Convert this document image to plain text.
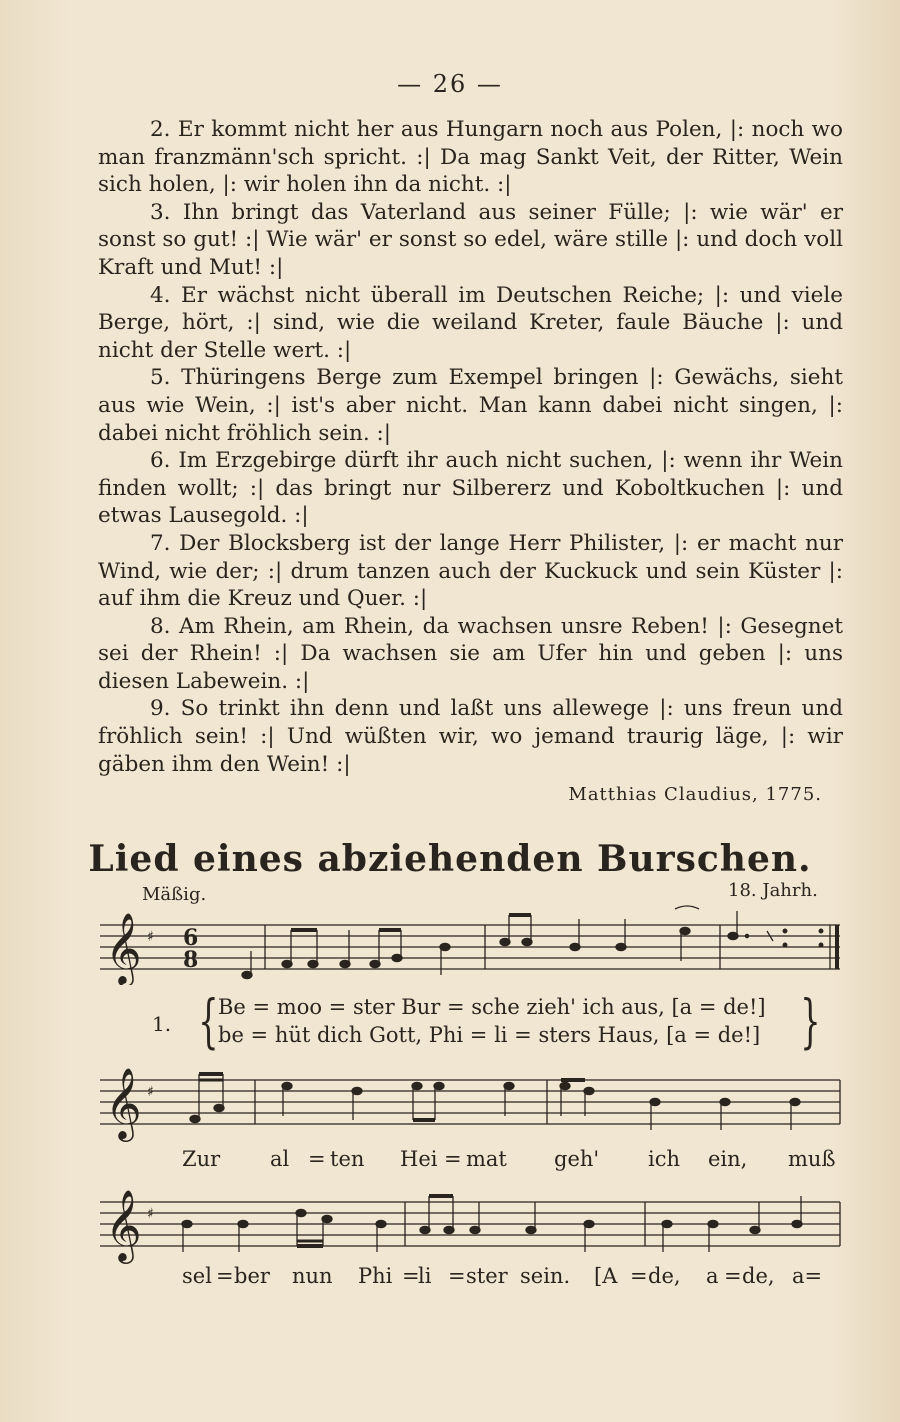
— 26 —

2. Er kommt nicht her aus Hungarn noch aus Polen, |: noch wo man franzmänn'sch spricht. :| Da mag Sankt Veit, der Ritter, Wein sich holen, |: wir holen ihn da nicht. :|

3. Ihn bringt das Vaterland aus seiner Fülle; |: wie wär' er sonst so gut! :| Wie wär' er sonst so edel, wäre stille |: und doch voll Kraft und Mut! :|

4. Er wächst nicht überall im Deutschen Reiche; |: und viele Berge, hört, :| sind, wie die weiland Kreter, faule Bäuche |: und nicht der Stelle wert. :|

5. Thüringens Berge zum Exempel bringen |: Gewächs, sieht aus wie Wein, :| ist's aber nicht. Man kann dabei nicht singen, |: dabei nicht fröhlich sein. :|

6. Im Erzgebirge dürft ihr auch nicht suchen, |: wenn ihr Wein finden wollt; :| das bringt nur Silbererz und Koboltkuchen |: und etwas Lausegold. :|

7. Der Blocksberg ist der lange Herr Philister, |: er macht nur Wind, wie der; :| drum tanzen auch der Kuckuck und sein Küster |: auf ihm die Kreuz und Quer. :|

8. Am Rhein, am Rhein, da wachsen unsre Reben! |: Gesegnet sei der Rhein! :| Da wachsen sie am Ufer hin und geben |: uns diesen Labewein. :|

9. So trinkt ihn denn und laßt uns allewege |: uns freun und fröhlich sein! :| Und wüßten wir, wo jemand traurig läge, |: wir gäben ihm den Wein! :|

Matthias Claudius, 1775.
Lied eines abziehenden Burschen.
Mäßig.	18. Jahrh.
𝄞 ♯ 6
8
1. {	}
Be = moo = ster Bur = sche zieh' ich aus, [a = de!]
be = hüt dich Gott, Phi = li = sters Haus, [a = de!]
𝄞 ♯
Zur al = ten Hei = mat geh' ich ein, muß
𝄞 ♯
sel = ber nun Phi =
li = ster sein. [A = de, a = de, a=
